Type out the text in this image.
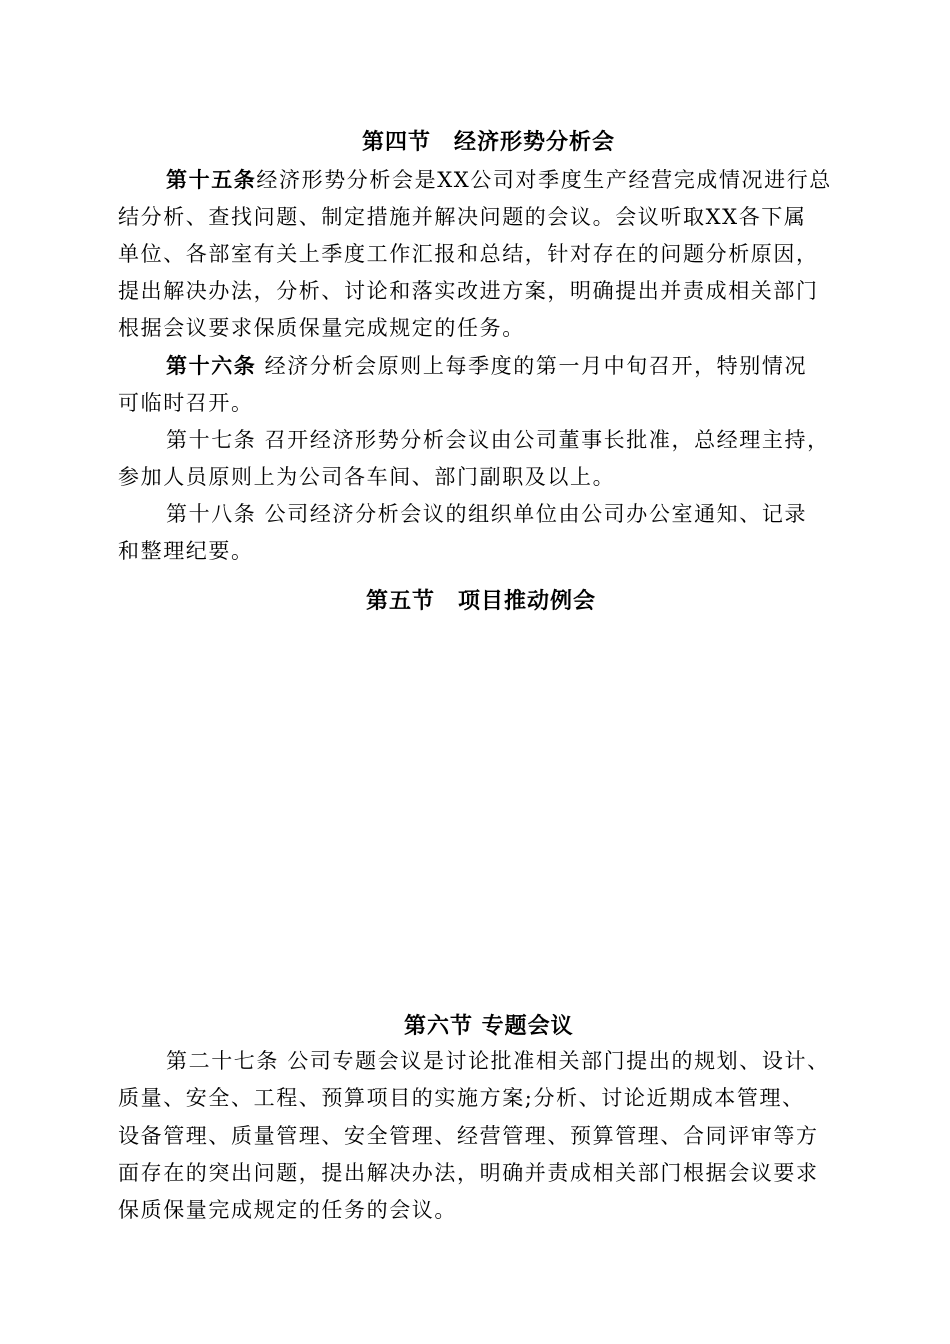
第四节　经济形势分析会
第十五条经济形势分析会是XX公司对季度生产经营完成情况进行总
结分析、查找问题、制定措施并解决问题的会议。会议听取XX各下属
单位、各部室有关上季度工作汇报和总结，针对存在的问题分析原因，
提出解决办法，分析、讨论和落实改进方案，明确提出并责成相关部门
根据会议要求保质保量完成规定的任务。
第十六条 经济分析会原则上每季度的第一月中旬召开，特别情况
可临时召开。
第十七条 召开经济形势分析会议由公司董事长批准，总经理主持，
参加人员原则上为公司各车间、部门副职及以上。
第十八条 公司经济分析会议的组织单位由公司办公室通知、记录
和整理纪要。
第五节　项目推动例会
第六节 专题会议
第二十七条 公司专题会议是讨论批准相关部门提出的规划、设计、
质量、安全、工程、预算项目的实施方案;分析、讨论近期成本管理、
设备管理、质量管理、安全管理、经营管理、预算管理、合同评审等方
面存在的突出问题，提出解决办法，明确并责成相关部门根据会议要求
保质保量完成规定的任务的会议。
